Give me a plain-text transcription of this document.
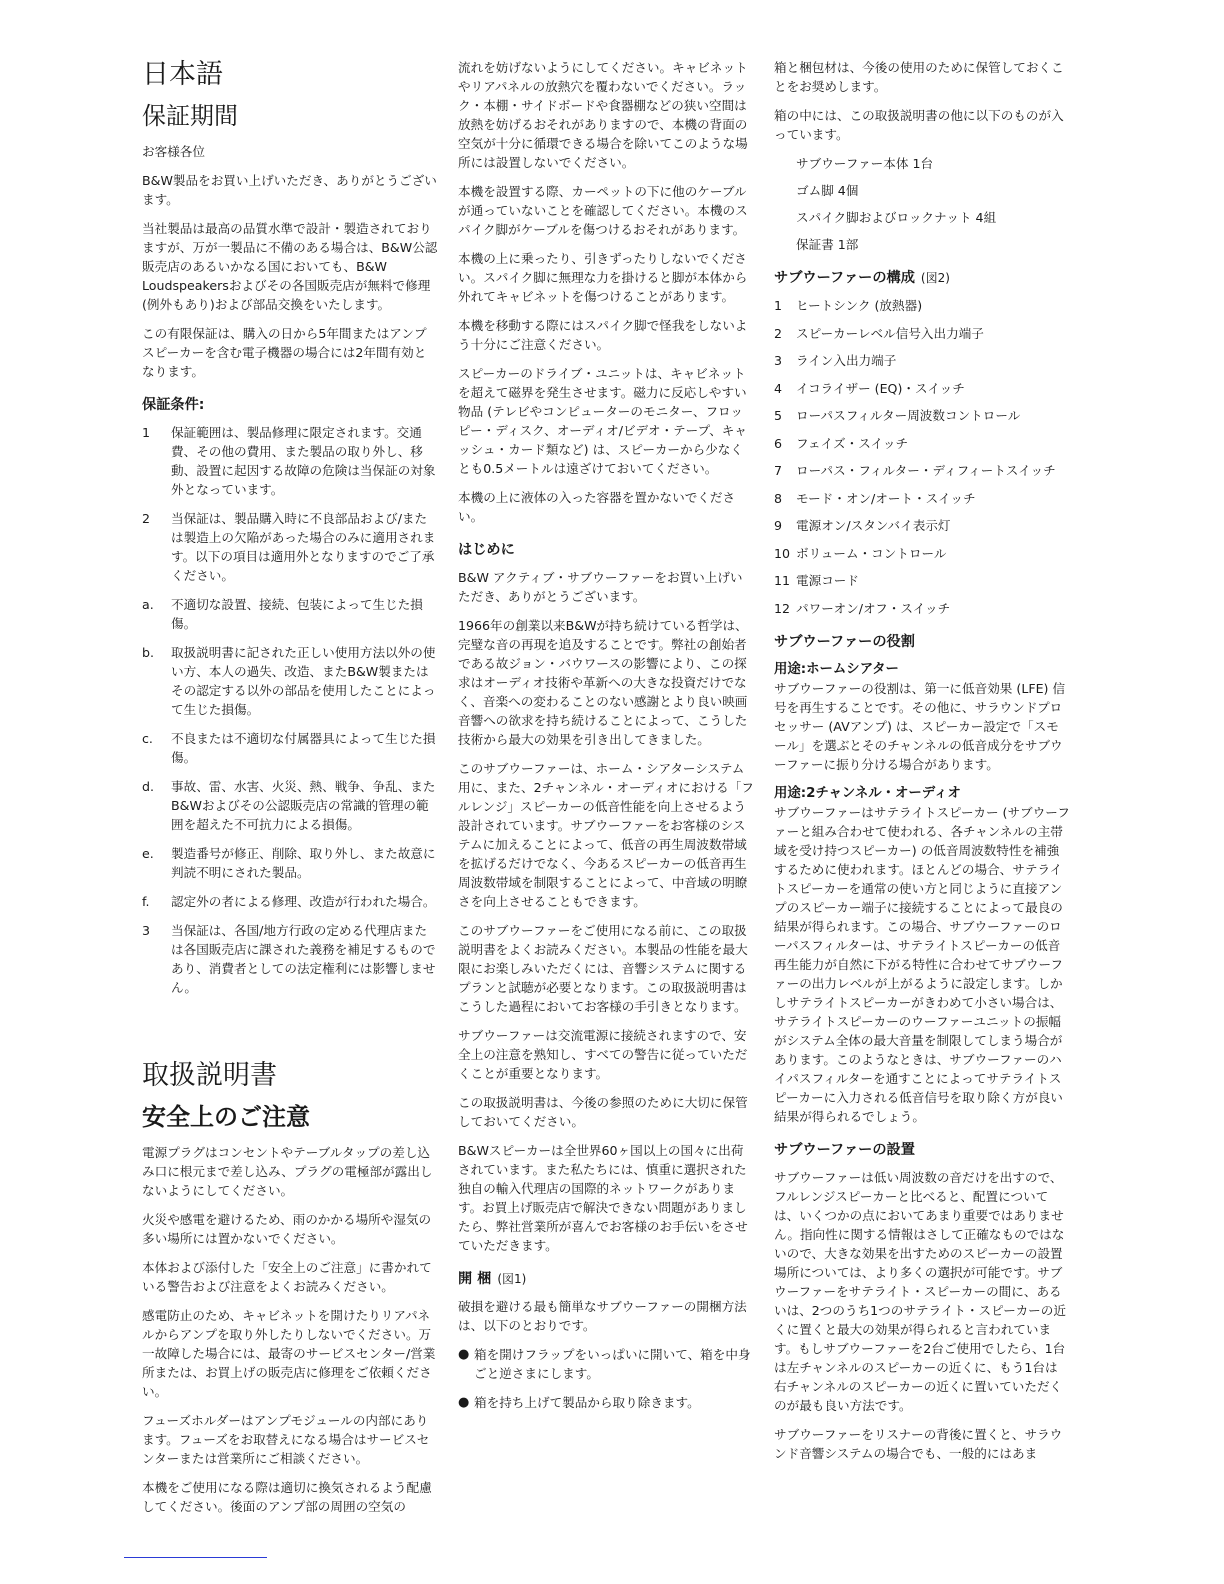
日本語
保証期間

お客様各位

B&W製品をお買い上げいただき、ありがとうございます。

当社製品は最高の品質水準で設計・製造されておりますが、万が一製品に不備のある場合は、B&W公認販売店のあるいかなる国においても、B&W Loudspeakersおよびその各国販売店が無料で修理(例外もあり)および部品交換をいたします。

この有限保証は、購入の日から5年間またはアンプスピーカーを含む電子機器の場合には2年間有効となります。

保証条件:
1 保証範囲は、製品修理に限定されます。交通費、その他の費用、また製品の取り外し、移動、設置に起因する故障の危険は当保証の対象外となっています。
2 当保証は、製品購入時に不良部品および/または製造上の欠陥があった場合のみに適用されます。以下の項目は適用外となりますのでご了承ください。
a. 不適切な設置、接続、包装によって生じた損傷。
b. 取扱説明書に記された正しい使用方法以外の使い方、本人の過失、改造、またB&W製またはその認定する以外の部品を使用したことによって生じた損傷。
c. 不良または不適切な付属器具によって生じた損傷。
d. 事故、雷、水害、火災、熱、戦争、争乱、またB&Wおよびその公認販売店の常識的管理の範囲を超えた不可抗力による損傷。
e. 製造番号が修正、削除、取り外し、また故意に判読不明にされた製品。
f. 認定外の者による修理、改造が行われた場合。
3 当保証は、各国/地方行政の定める代理店または各国販売店に課された義務を補足するものであり、消費者としての法定権利には影響しません。
取扱説明書
安全上のご注意

電源プラグはコンセントやテーブルタップの差し込み口に根元まで差し込み、プラグの電極部が露出しないようにしてください。

火災や感電を避けるため、雨のかかる場所や湿気の多い場所には置かないでください。

本体および添付した「安全上のご注意」に書かれている警告および注意をよくお読みください。

感電防止のため、キャビネットを開けたりリアパネルからアンプを取り外したりしないでください。万一故障した場合には、最寄のサービスセンター/営業所または、お買上げの販売店に修理をご依頼ください。

フューズホルダーはアンプモジュールの内部にあります。フューズをお取替えになる場合はサービスセンターまたは営業所にご相談ください。

本機をご使用になる際は適切に換気されるよう配慮してください。後面のアンプ部の周囲の空気の

流れを妨げないようにしてください。キャビネットやリアパネルの放熱穴を覆わないでください。ラック・本棚・サイドボードや食器棚などの狭い空間は放熱を妨げるおそれがありますので、本機の背面の空気が十分に循環できる場合を除いてこのような場所には設置しないでください。

本機を設置する際、カーペットの下に他のケーブルが通っていないことを確認してください。本機のスパイク脚がケーブルを傷つけるおそれがあります。

本機の上に乗ったり、引きずったりしないでください。スパイク脚に無理な力を掛けると脚が本体から外れてキャビネットを傷つけることがあります。

本機を移動する際にはスパイク脚で怪我をしないよう十分にご注意ください。

スピーカーのドライブ・ユニットは、キャビネットを超えて磁界を発生させます。磁力に反応しやすい物品 (テレビやコンピューターのモニター、フロッピー・ディスク、オーディオ/ビデオ・テープ、キャッシュ・カード類など) は、スピーカーから少なくとも0.5メートルは遠ざけておいてください。

本機の上に液体の入った容器を置かないでください。

はじめに

B&W アクティブ・サブウーファーをお買い上げいただき、ありがとうございます。

1966年の創業以来B&Wが持ち続けている哲学は、完璧な音の再現を追及することです。弊社の創始者である故ジョン・バウワースの影響により、この探求はオーディオ技術や革新への大きな投資だけでなく、音楽への変わることのない感謝とより良い映画音響への欲求を持ち続けることによって、こうした技術から最大の効果を引き出してきました。

このサブウーファーは、ホーム・シアターシステム用に、また、2チャンネル・オーディオにおける「フルレンジ」スピーカーの低音性能を向上させるよう設計されています。サブウーファーをお客様のシステムに加えることによって、低音の再生周波数帯域を拡げるだけでなく、今あるスピーカーの低音再生周波数帯域を制限することによって、中音域の明瞭さを向上させることもできます。

このサブウーファーをご使用になる前に、この取扱説明書をよくお読みください。本製品の性能を最大限にお楽しみいただくには、音響システムに関するプランと試聴が必要となります。この取扱説明書はこうした過程においてお客様の手引きとなります。

サブウーファーは交流電源に接続されますので、安全上の注意を熟知し、すべての警告に従っていただくことが重要となります。

この取扱説明書は、今後の参照のために大切に保管しておいてください。

B&Wスピーカーは全世界60ヶ国以上の国々に出荷されています。また私たちには、慎重に選択された独自の輸入代理店の国際的ネットワークがあります。お買上げ販売店で解決できない問題がありましたら、弊社営業所が喜んでお客様のお手伝いをさせていただきます。

開 梱 (図1)

破損を避ける最も簡単なサブウーファーの開梱方法は、以下のとおりです。

● 箱を開けフラップをいっぱいに開いて、箱を中身ごと逆さまにします。
● 箱を持ち上げて製品から取り除きます。

箱と梱包材は、今後の使用のために保管しておくことをお奨めします。

箱の中には、この取扱説明書の他に以下のものが入っています。

サブウーファー本体 1台

ゴム脚 4個

スパイク脚およびロックナット 4組

保証書 1部

サブウーファーの構成 (図2)
1 ヒートシンク (放熱器)
2 スピーカーレベル信号入出力端子
3 ライン入出力端子
4 イコライザー (EQ)・スイッチ
5 ローパスフィルター周波数コントロール
6 フェイズ・スイッチ
7 ローパス・フィルター・ディフィートスイッチ
8 モード・オン/オート・スイッチ
9 電源オン/スタンバイ表示灯
10 ボリューム・コントロール
11 電源コード
12 パワーオン/オフ・スイッチ
サブウーファーの役割
用途:ホームシアター

サブウーファーの役割は、第一に低音効果 (LFE) 信号を再生することです。その他に、サラウンドプロセッサー (AVアンプ) は、スピーカー設定で「スモール」を選ぶとそのチャンネルの低音成分をサブウーファーに振り分ける場合があります。

用途:2チャンネル・オーディオ

サブウーファーはサテライトスピーカー (サブウーファーと組み合わせて使われる、各チャンネルの主帯域を受け持つスピーカー) の低音周波数特性を補強するために使われます。ほとんどの場合、サテライトスピーカーを通常の使い方と同じように直接アンプのスピーカー端子に接続することによって最良の結果が得られます。この場合、サブウーファーのローパスフィルターは、サテライトスピーカーの低音再生能力が自然に下がる特性に合わせてサブウーファーの出力レベルが上がるように設定します。しかしサテライトスピーカーがきわめて小さい場合は、サテライトスピーカーのウーファーユニットの振幅がシステム全体の最大音量を制限してしまう場合があります。このようなときは、サブウーファーのハイパスフィルターを通すことによってサテライトスピーカーに入力される低音信号を取り除く方が良い結果が得られるでしょう。

サブウーファーの設置

サブウーファーは低い周波数の音だけを出すので、フルレンジスピーカーと比べると、配置については、いくつかの点においてあまり重要ではありません。指向性に関する情報はさして正確なものではないので、大きな効果を出すためのスピーカーの設置場所については、より多くの選択が可能です。サブウーファーをサテライト・スピーカーの間に、あるいは、2つのうち1つのサテライト・スピーカーの近くに置くと最大の効果が得られると言われています。もしサブウーファーを2台ご使用でしたら、1台は左チャンネルのスピーカーの近くに、もう1台は右チャンネルのスピーカーの近くに置いていただくのが最も良い方法です。

サブウーファーをリスナーの背後に置くと、サラウンド音響システムの場合でも、一般的にはあま
